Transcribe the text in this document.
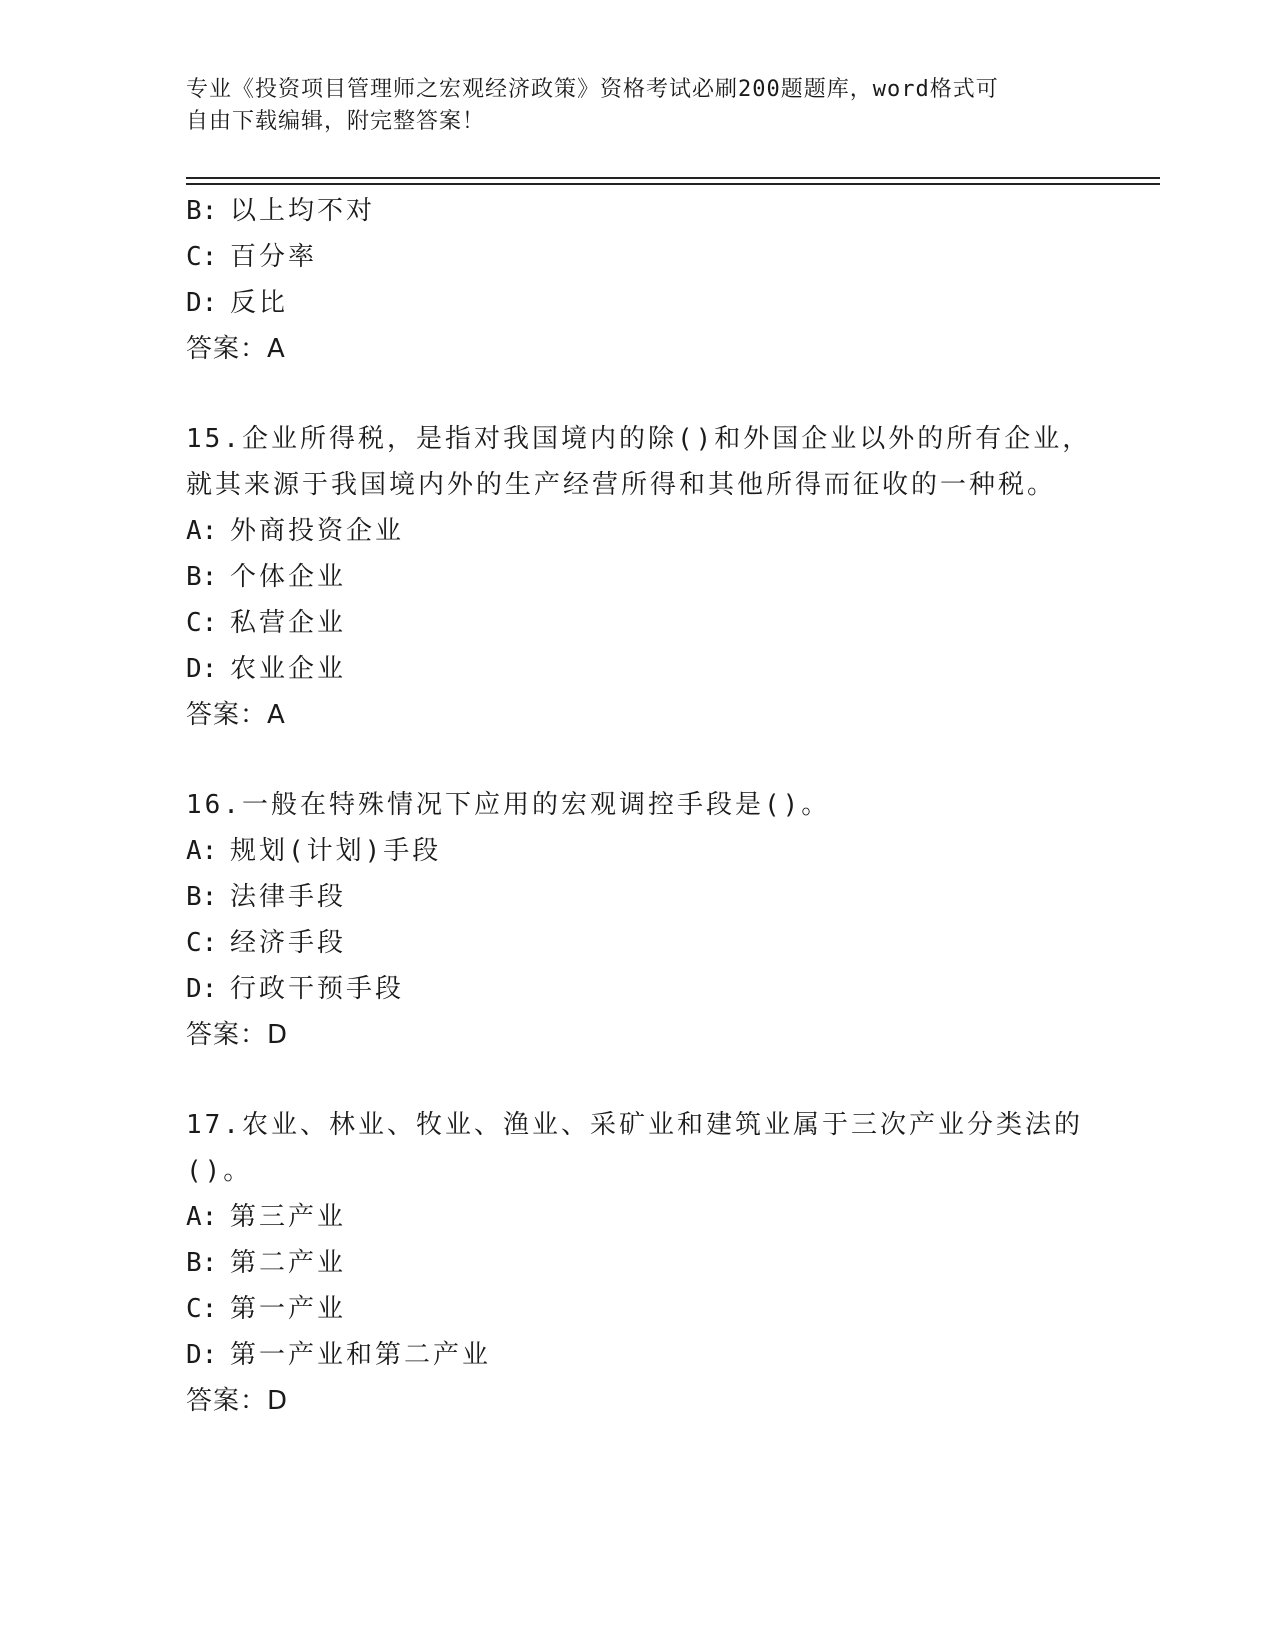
专业《投资项目管理师之宏观经济政策》资格考试必刷200题题库，word格式可
自由下载编辑，附完整答案！
B: 以上均不对
C: 百分率
D: 反比
答案：A
15.企业所得税，是指对我国境内的除()和外国企业以外的所有企业，
就其来源于我国境内外的生产经营所得和其他所得而征收的一种税。
A: 外商投资企业
B: 个体企业
C: 私营企业
D: 农业企业
答案：A
16.一般在特殊情况下应用的宏观调控手段是()。
A: 规划(计划)手段
B: 法律手段
C: 经济手段
D: 行政干预手段
答案：D
17.农业、林业、牧业、渔业、采矿业和建筑业属于三次产业分类法的
()。
A: 第三产业
B: 第二产业
C: 第一产业
D: 第一产业和第二产业
答案：D
